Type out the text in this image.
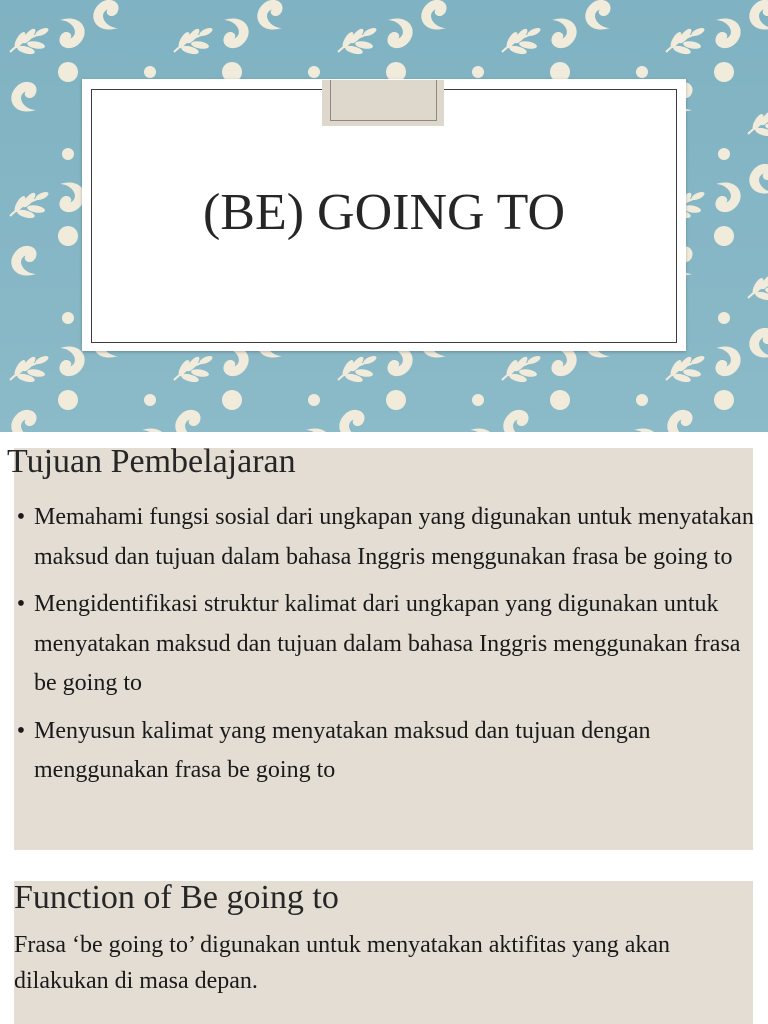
(BE) GOING TO
Tujuan Pembelajaran
• Memahami fungsi sosial dari ungkapan yang digunakan untuk menyatakan maksud dan tujuan dalam bahasa Inggris menggunakan frasa be going to
• Mengidentifikasi struktur kalimat dari ungkapan yang digunakan untuk menyatakan maksud dan tujuan dalam bahasa Inggris menggunakan frasa be going to
• Menyusun kalimat yang menyatakan maksud dan tujuan dengan menggunakan frasa be going to
Function of Be going to
Frasa ‘be going to’ digunakan untuk menyatakan aktifitas yang akan dilakukan di masa depan.
